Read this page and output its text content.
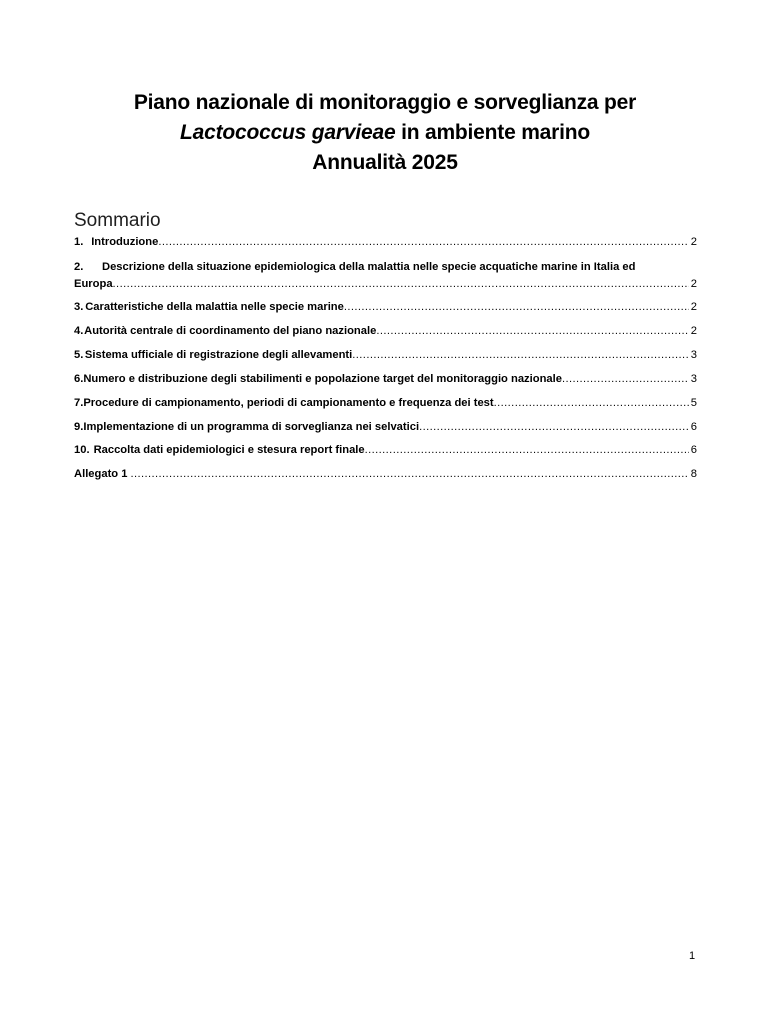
Piano nazionale di monitoraggio e sorveglianza per
Lactococcus garvieae in ambiente marino
Annualità 2025
Sommario
1. Introduzione .....	2
2. Descrizione della situazione epidemiologica della malattia nelle specie acquatiche marine in Italia ed
Europa .....	2
3. Caratteristiche della malattia nelle specie marine .....	2
4. Autorità centrale di coordinamento del piano nazionale .....	2
5. Sistema ufficiale di registrazione degli allevamenti .....	3
6. Numero e distribuzione degli stabilimenti e popolazione target del monitoraggio nazionale .....	3
7. Procedure di campionamento, periodi di campionamento e frequenza dei test .....	5
9. Implementazione di un programma di sorveglianza nei selvatici .....	6
10. Raccolta dati epidemiologici e stesura report finale .....	6
Allegato 1 .....	8
1
